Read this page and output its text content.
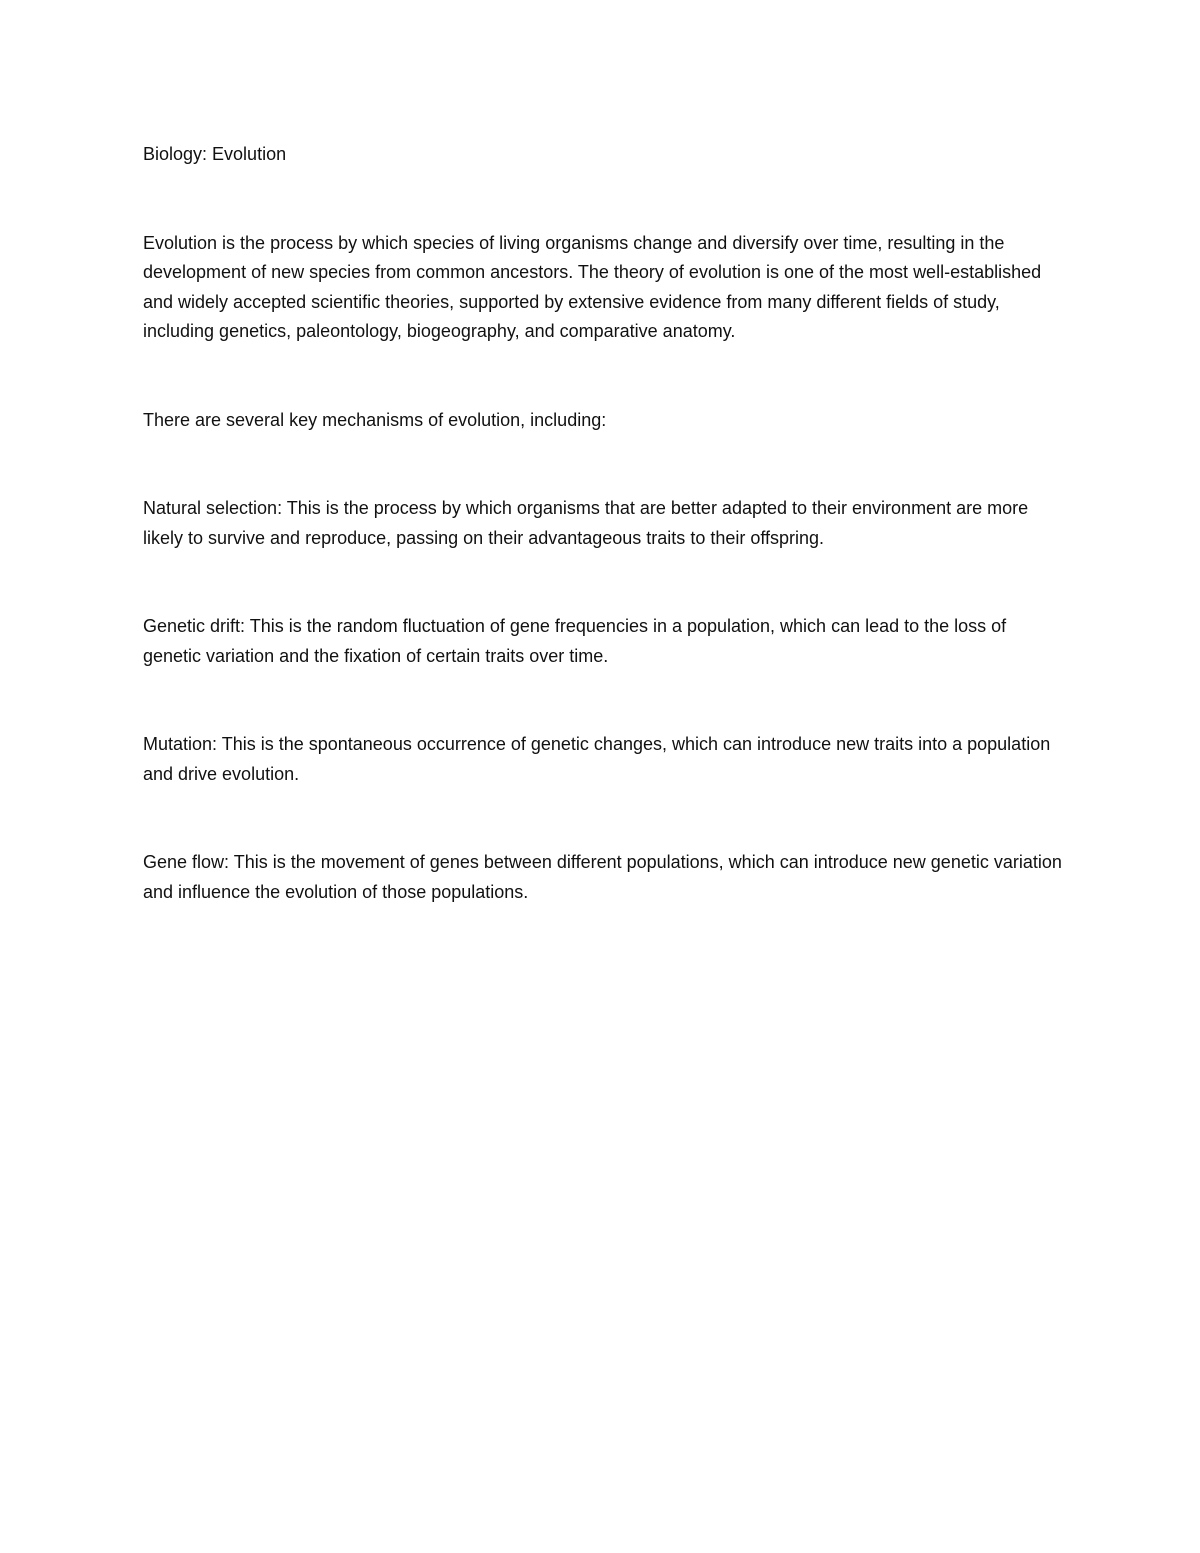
Biology: Evolution

Evolution is the process by which species of living organisms change and diversify over time, resulting in the development of new species from common ancestors. The theory of evolution is one of the most well-established and widely accepted scientific theories, supported by extensive evidence from many different fields of study, including genetics, paleontology, biogeography, and comparative anatomy.

There are several key mechanisms of evolution, including:

Natural selection: This is the process by which organisms that are better adapted to their environment are more likely to survive and reproduce, passing on their advantageous traits to their offspring.

Genetic drift: This is the random fluctuation of gene frequencies in a population, which can lead to the loss of genetic variation and the fixation of certain traits over time.

Mutation: This is the spontaneous occurrence of genetic changes, which can introduce new traits into a population and drive evolution.

Gene flow: This is the movement of genes between different populations, which can introduce new genetic variation and influence the evolution of those populations.
